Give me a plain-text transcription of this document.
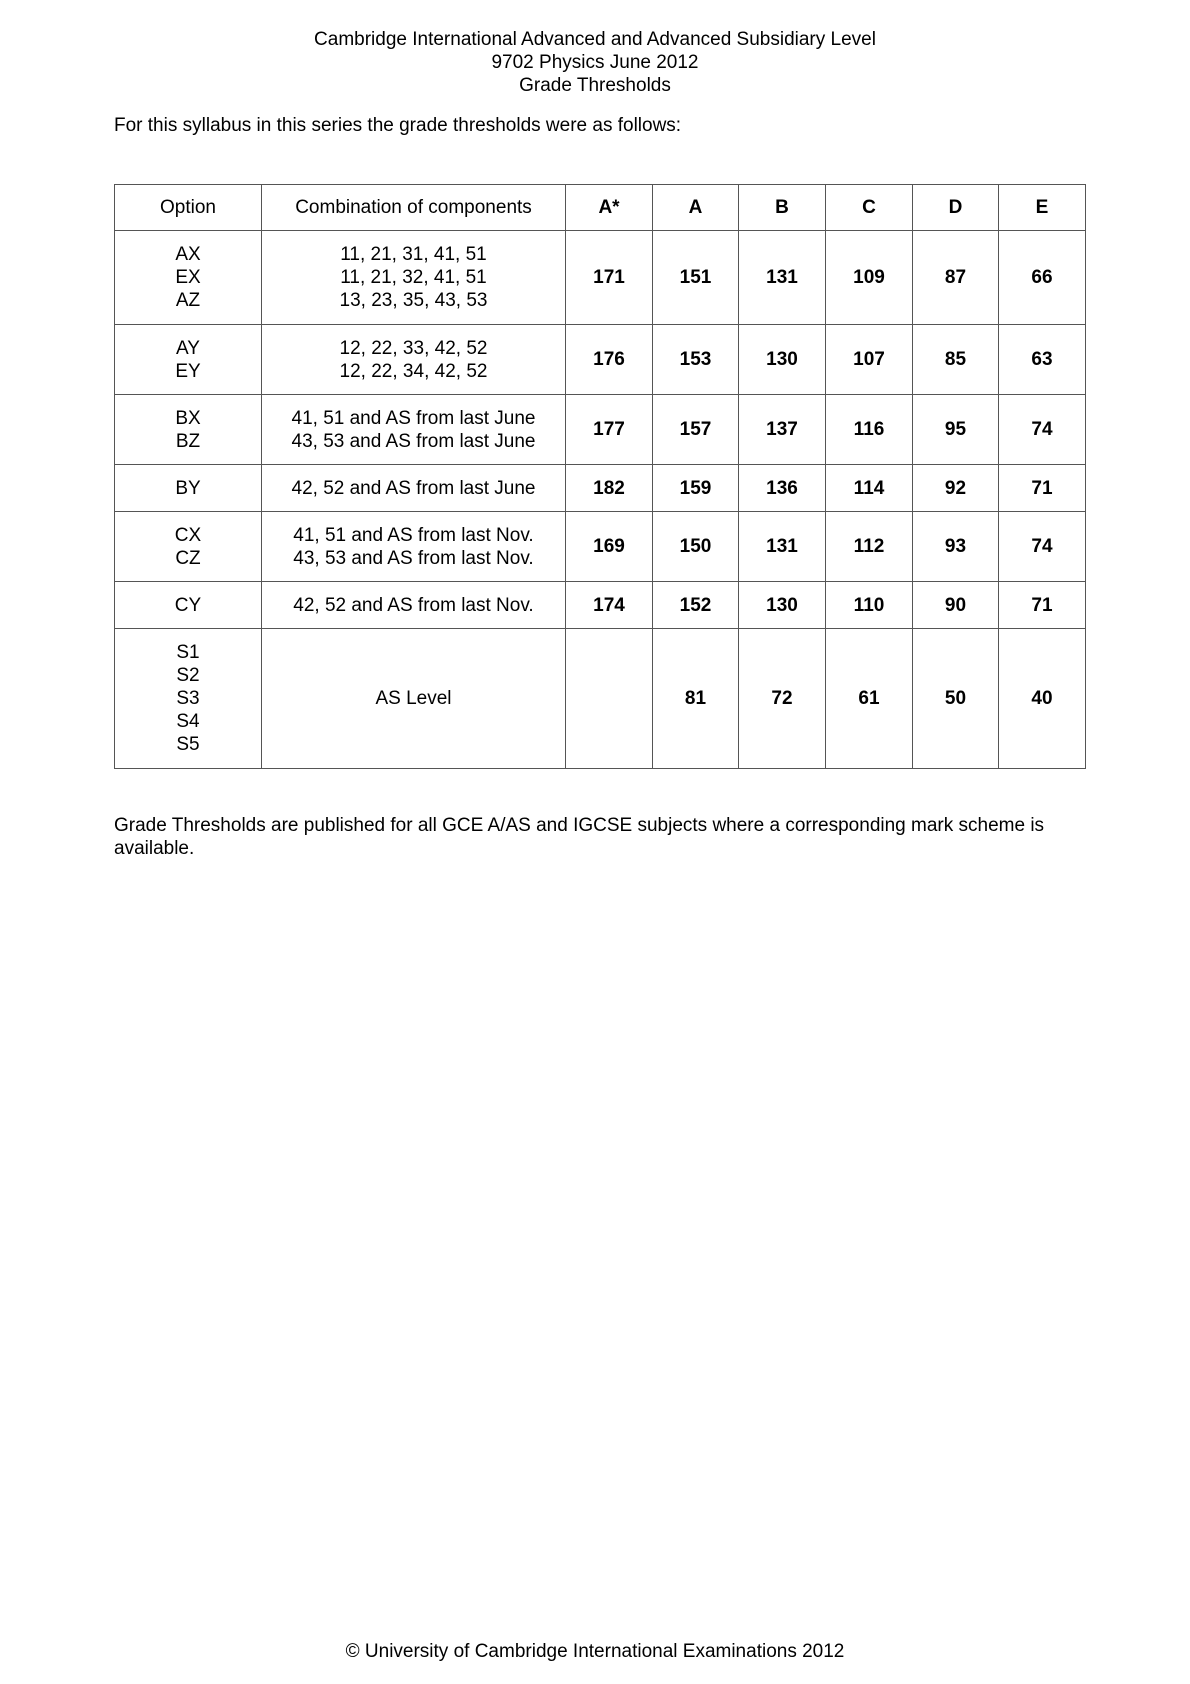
Cambridge International Advanced and Advanced Subsidiary Level
9702 Physics June 2012
Grade Thresholds
For this syllabus in this series the grade thresholds were as follows:
Option	Combination of components	A*	A	B	C	D	E

AX
EX
AZ	11, 21, 31, 41, 51
11, 21, 32, 41, 51
13, 23, 35, 43, 53	171	151	131	109	87	66

AY
EY	12, 22, 33, 42, 52
12, 22, 34, 42, 52	176	153	130	107	85	63

BX
BZ	41, 51 and AS from last June
43, 53 and AS from last June	177	157	137	116	95	74

BY	42, 52 and AS from last June	182	159	136	114	92	71

CX
CZ	41, 51 and AS from last Nov.
43, 53 and AS from last Nov.	169	150	131	112	93	74

CY	42, 52 and AS from last Nov.	174	152	130	110	90	71

S1
S2
S3
S4
S5	AS Level		81	72	61	50	40
Grade Thresholds are published for all GCE A/AS and IGCSE subjects where a corresponding mark scheme is available.
© University of Cambridge International Examinations 2012
